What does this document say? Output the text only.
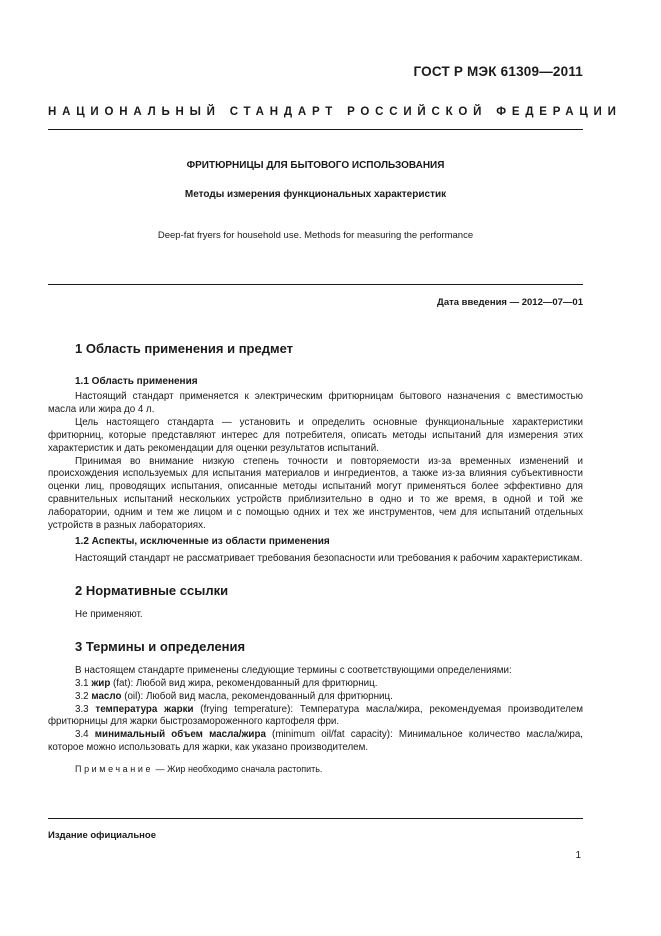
ГОСТ Р МЭК 61309—2011
НАЦИОНАЛЬНЫЙ СТАНДАРТ РОССИЙСКОЙ ФЕДЕРАЦИИ
ФРИТЮРНИЦЫ ДЛЯ БЫТОВОГО ИСПОЛЬЗОВАНИЯ
Методы измерения функциональных характеристик
Deep-fat fryers for household use. Methods for measuring the performance
Дата введения — 2012—07—01
1 Область применения и предмет
1.1 Область применения

Настоящий стандарт применяется к электрическим фритюрницам бытового назначения с вместимостью масла или жира до 4 л.

Цель настоящего стандарта — установить и определить основные функциональные характеристики фритюрниц, которые представляют интерес для потребителя, описать методы испытаний для измерения этих характеристик и дать рекомендации для оценки результатов испытаний.

Принимая во внимание низкую степень точности и повторяемости из-за временных изменений и происхождения используемых для испытания материалов и ингредиентов, а также из-за влияния субъективности оценки лиц, проводящих испытания, описанные методы испытаний могут применяться более эффективно для сравнительных испытаний нескольких устройств приблизительно в одно и то же время, в одной и той же лаборатории, одним и тем же лицом и с помощью одних и тех же инструментов, чем для испытаний отдельных устройств в разных лабораториях.

1.2 Аспекты, исключенные из области применения

Настоящий стандарт не рассматривает требования безопасности или требования к рабочим характеристикам.

2 Нормативные ссылки

Не применяют.

3 Термины и определения

В настоящем стандарте применены следующие термины с соответствующими определениями:

3.1 жир (fat): Любой вид жира, рекомендованный для фритюрниц.

3.2 масло (oil): Любой вид масла, рекомендованный для фритюрниц.

3.3 температура жарки (frying temperature): Температура масла/жира, рекомендуемая производителем фритюрницы для жарки быстрозамороженного картофеля фри.

3.4 минимальный объем масла/жира (minimum oil/fat capacity): Минимальное количество масла/жира, которое можно использовать для жарки, как указано производителем.

Примечание — Жир необходимо сначала растопить.

Издание официальное
1
